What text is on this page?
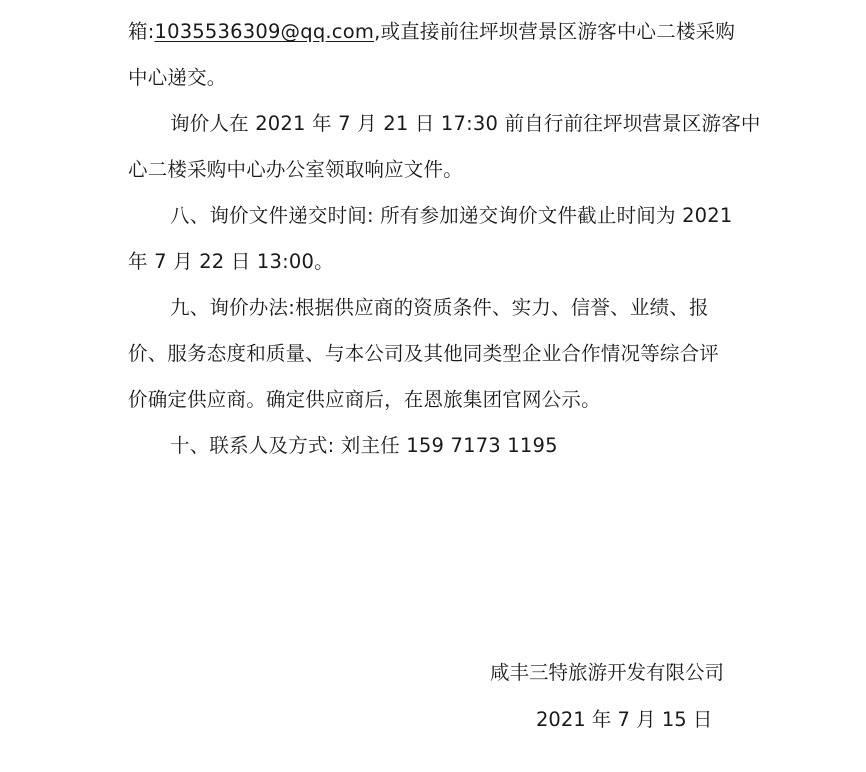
箱:1035536309@qq.com,或直接前往坪坝营景区游客中心二楼采购
中心递交。
询价人在 2021 年 7 月 21 日 17:30 前自行前往坪坝营景区游客中
心二楼采购中心办公室领取响应文件。
八、询价文件递交时间: 所有参加递交询价文件截止时间为 2021
年 7 月 22 日 13:00。
九、询价办法:根据供应商的资质条件、实力、信誉、业绩、报
价、服务态度和质量、与本公司及其他同类型企业合作情况等综合评
价确定供应商。确定供应商后，在恩旅集团官网公示。
十、联系人及方式: 刘主任 159 7173 1195
咸丰三特旅游开发有限公司
2021 年 7 月 15 日
